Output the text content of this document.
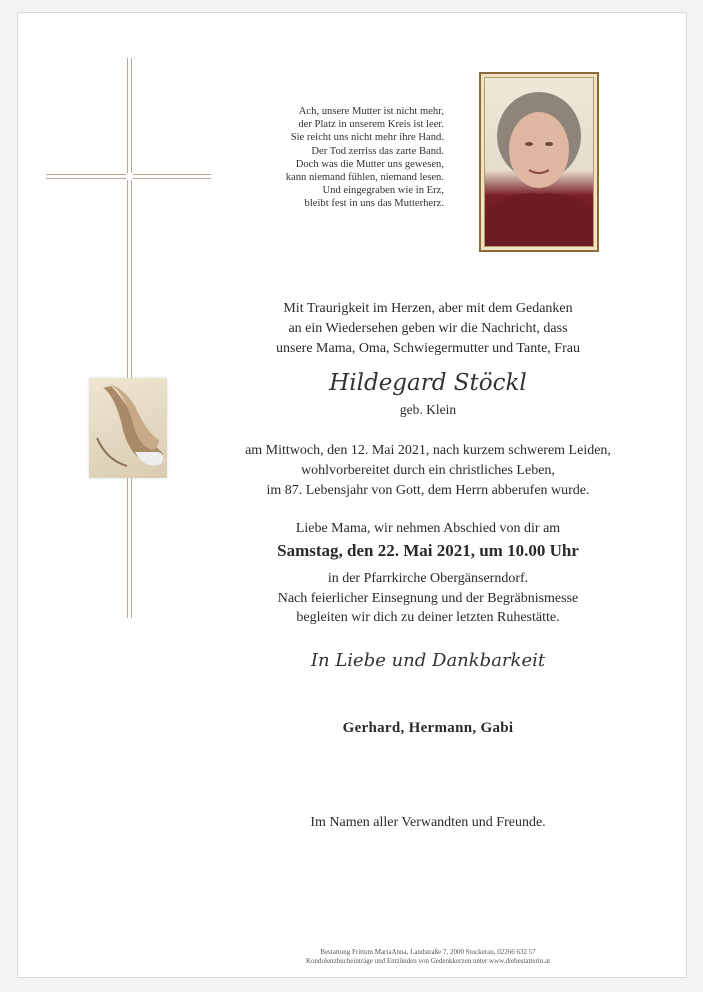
Ach, unsere Mutter ist nicht mehr,
der Platz in unserem Kreis ist leer.
Sie reicht uns nicht mehr ihre Hand.
Der Tod zerriss das zarte Band.
Doch was die Mutter uns gewesen,
kann niemand fühlen, niemand lesen.
Und eingegraben wie in Erz,
bleibt fest in uns das Mutterherz.
Mit Traurigkeit im Herzen, aber mit dem Gedanken
an ein Wiedersehen geben wir die Nachricht, dass
unsere Mama, Oma, Schwiegermutter und Tante, Frau
Hildegard Stöckl
geb. Klein
am Mittwoch, den 12. Mai 2021, nach kurzem schwerem Leiden,
wohlvorbereitet durch ein christliches Leben,
im 87. Lebensjahr von Gott, dem Herrn abberufen wurde.
Liebe Mama, wir nehmen Abschied von dir am
Samstag, den 22. Mai 2021, um 10.00 Uhr
in der Pfarrkirche Obergänserndorf.
Nach feierlicher Einsegnung und der Begräbnismesse
begleiten wir dich zu deiner letzten Ruhestätte.
In Liebe und Dankbarkeit
Gerhard, Hermann, Gabi
Im Namen aller Verwandten und Freunde.
Bestattung Frittum MariaAnna, Landstraße 7, 2000 Stockerau, 02266 632 57
Kondolenzbucheinträge und Entzünden von Gedenkkerzen unter www.diebestatterin.at
